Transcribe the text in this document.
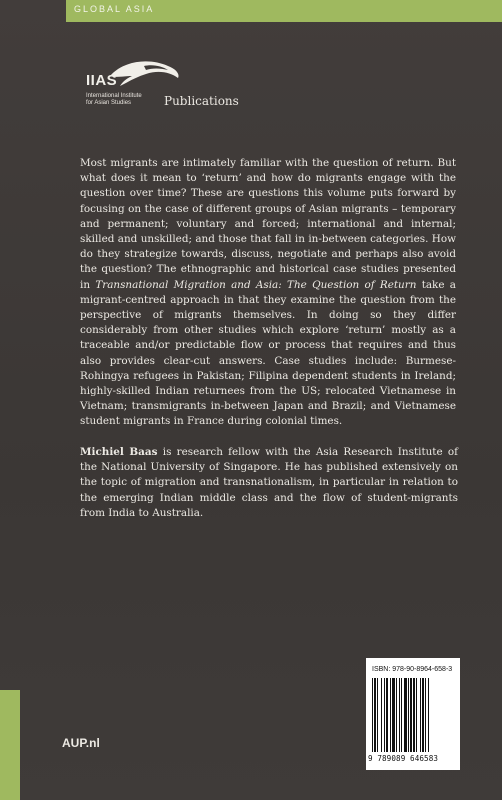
GLOBAL ASIA
IIAS
International Institute
for Asian Studies	Publications

Most migrants are intimately familiar with the question of return. But what does it mean to ‘return’ and how do migrants engage with the question over time? These are questions this volume puts forward by focusing on the case of different groups of Asian migrants – temporary and permanent; voluntary and forced; international and internal; skilled and unskilled; and those that fall in in-between categories. How do they strategize towards, discuss, negotiate and perhaps also avoid the question? The ethnographic and historical case studies presented in Transnational Migration and Asia: The Question of Return take a migrant-centred approach in that they examine the question from the perspective of migrants themselves. In doing so they differ considerably from other studies which explore ‘return’ mostly as a traceable and/or predictable flow or process that requires and thus also provides clear-cut answers. Case studies include: Burmese-Rohingya refugees in Pakistan; Filipina dependent students in Ireland; highly-skilled Indian returnees from the US; relocated Vietnamese in Vietnam; transmigrants in-between Japan and Brazil; and Vietnamese student migrants in France during colonial times.

Michiel Baas is research fellow with the Asia Research Institute of the National University of Singapore. He has published extensively on the topic of migration and transnationalism, in particular in relation to the emerging Indian middle class and the flow of student-migrants from India to Australia.

ISBN: 978-90-8964-658-3
9 789089 646583
AUP.nl
